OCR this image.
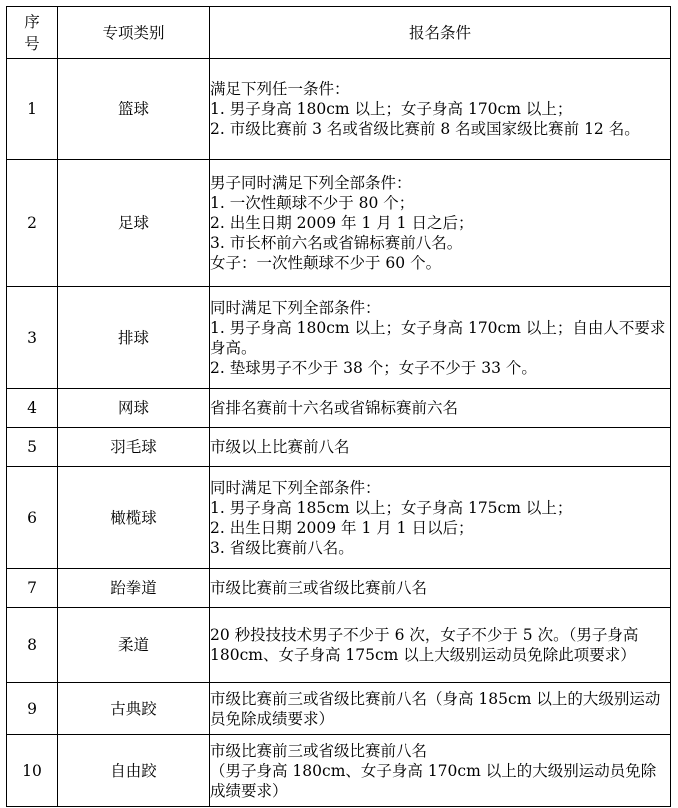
序号	专项类别	报名条件
1	篮球	满足下列任一条件：
1. 男子身高 180cm 以上；女子身高 170cm 以上；
2. 市级比赛前 3 名或省级比赛前 8 名或国家级比赛前 12 名。

2	足球	男子同时满足下列全部条件：
1. 一次性颠球不少于 80 个；
2. 出生日期 2009 年 1 月 1 日之后；
3. 市长杯前六名或省锦标赛前八名。
女子：一次性颠球不少于 60 个。

3	排球	同时满足下列全部条件：
1. 男子身高 180cm 以上；女子身高 170cm 以上；自由人不要求身高。
2. 垫球男子不少于 38 个；女子不少于 33 个。

4	网球	省排名赛前十六名或省锦标赛前六名

5	羽毛球	市级以上比赛前八名

6	橄榄球	同时满足下列全部条件：
1. 男子身高 185cm 以上；女子身高 175cm 以上；
2. 出生日期 2009 年 1 月 1 日以后；
3. 省级比赛前八名。

7	跆拳道	市级比赛前三或省级比赛前八名

8	柔道	20 秒投技技术男子不少于 6 次，女子不少于 5 次。（男子身高 180cm、女子身高 175cm 以上大级别运动员免除此项要求）

9	古典跤	市级比赛前三或省级比赛前八名（身高 185cm 以上的大级别运动员免除成绩要求）

10	自由跤	市级比赛前三或省级比赛前八名
（男子身高 180cm、女子身高 170cm 以上的大级别运动员免除成绩要求）
